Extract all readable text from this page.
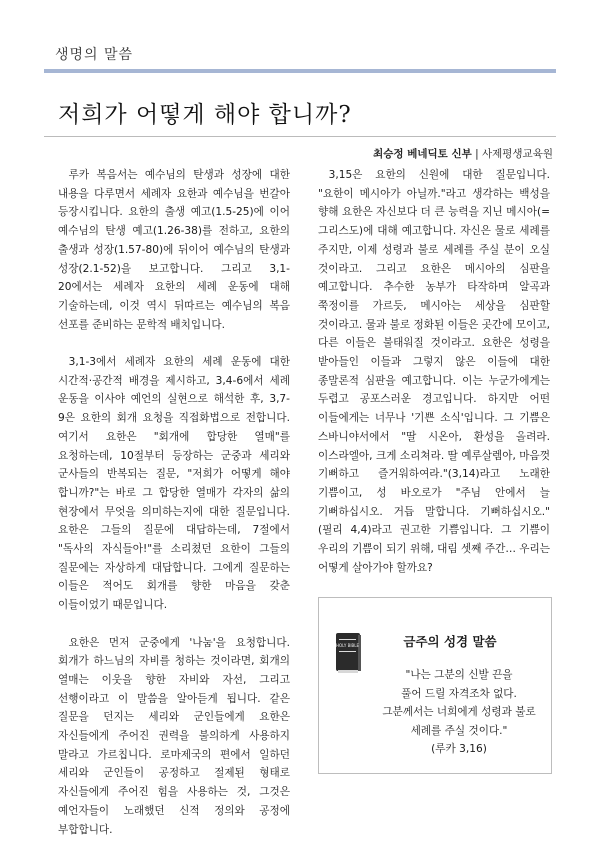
생명의 말씀
저희가 어떻게 해야 합니까?
최승정 베네딕토 신부 | 사제평생교육원

루카 복음서는 예수님의 탄생과 성장에 대한 내용을 다루면서 세례자 요한과 예수님을 번갈아 등장시킵니다. 요한의 출생 예고(1.5-25)에 이어 예수님의 탄생 예고(1.26-38)를 전하고, 요한의 출생과 성장(1.57-80)에 뒤이어 예수님의 탄생과 성장(2.1-52)을 보고합니다. 그리고 3,1-20에서는 세례자 요한의 세례 운동에 대해 기술하는데, 이것 역시 뒤따르는 예수님의 복음 선포를 준비하는 문학적 배치입니다.

3,1-3에서 세례자 요한의 세례 운동에 대한 시간적·공간적 배경을 제시하고, 3,4-6에서 세례 운동을 이사야 예언의 실현으로 해석한 후, 3,7-9은 요한의 회개 요청을 직접화법으로 전합니다. 여기서 요한은 "회개에 합당한 열매"를 요청하는데, 10절부터 등장하는 군중과 세리와 군사들의 반복되는 질문, "저희가 어떻게 해야 합니까?"는 바로 그 합당한 열매가 각자의 삶의 현장에서 무엇을 의미하는지에 대한 질문입니다. 요한은 그들의 질문에 대답하는데, 7절에서 "독사의 자식들아!"를 소리쳤던 요한이 그들의 질문에는 자상하게 대답합니다. 그에게 질문하는 이들은 적어도 회개를 향한 마음을 갖춘 이들이었기 때문입니다.

요한은 먼저 군중에게 '나눔'을 요청합니다. 회개가 하느님의 자비를 청하는 것이라면, 회개의 열매는 이웃을 향한 자비와 자선, 그리고 선행이라고 이 말씀을 알아듣게 됩니다. 같은 질문을 던지는 세리와 군인들에게 요한은 자신들에게 주어진 권력을 불의하게 사용하지 말라고 가르칩니다. 로마제국의 편에서 일하던 세리와 군인들이 공정하고 절제된 형태로 자신들에게 주어진 힘을 사용하는 것, 그것은 예언자들이 노래했던 신적 정의와 공정에 부합합니다.

3,15은 요한의 신원에 대한 질문입니다. "요한이 메시아가 아닐까."라고 생각하는 백성을 향해 요한은 자신보다 더 큰 능력을 지닌 메시아(=그리스도)에 대해 예고합니다. 자신은 물로 세례를 주지만, 이제 성령과 불로 세례를 주실 분이 오실 것이라고. 그리고 요한은 메시아의 심판을 예고합니다. 추수한 농부가 타작하며 알곡과 쭉정이를 가르듯, 메시아는 세상을 심판할 것이라고. 물과 불로 정화된 이들은 곳간에 모이고, 다른 이들은 불태워질 것이라고. 요한은 성령을 받아들인 이들과 그렇지 않은 이들에 대한 종말론적 심판을 예고합니다. 이는 누군가에게는 두렵고 공포스러운 경고입니다. 하지만 어떤 이들에게는 너무나 '기쁜 소식'입니다. 그 기쁨은 스바니야서에서 "딸 시온아, 환성을 올려라. 이스라엘아, 크게 소리쳐라. 딸 예루살렘아, 마음껏 기뻐하고 즐거워하여라."(3,14)라고 노래한 기쁨이고, 성 바오로가 "주님 안에서 늘 기뻐하십시오. 거듭 말합니다. 기뻐하십시오."(필리 4,4)라고 권고한 기쁨입니다. 그 기쁨이 우리의 기쁨이 되기 위해, 대림 셋째 주간… 우리는 어떻게 살아가야 할까요?

HOLY BIBLE	금주의 성경 말씀
"나는 그분의 신발 끈을
풀어 드릴 자격조차 없다.
그분께서는 너희에게 성령과 불로
세례를 주실 것이다."
(루카 3,16)
